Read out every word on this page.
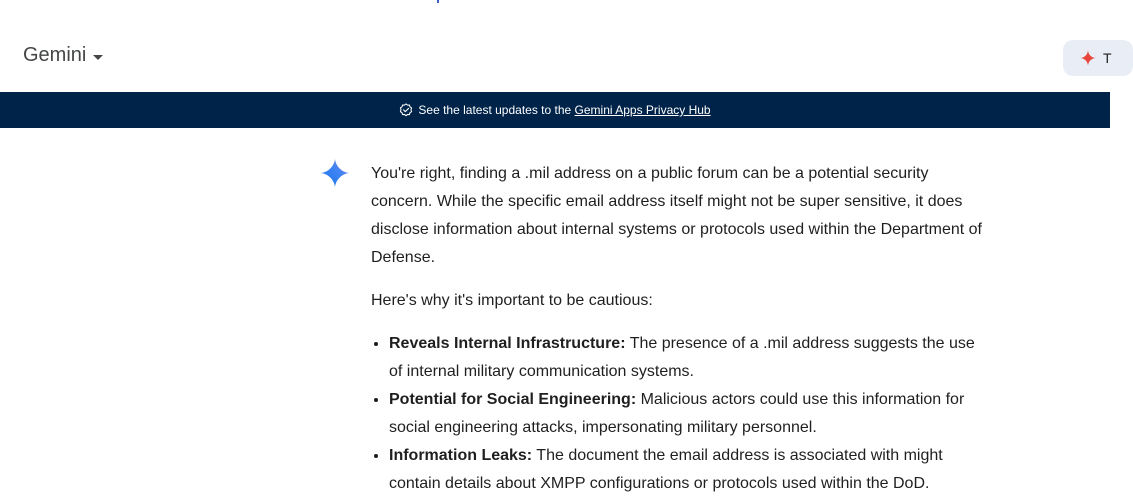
Gemini	T
See the latest updates to the Gemini Apps Privacy Hub

You're right, finding a .mil address on a public forum can be a potential security concern. While the specific email address itself might not be super sensitive, it does disclose information about internal systems or protocols used within the Department of Defense.

Here's why it's important to be cautious:

• Reveals Internal Infrastructure: The presence of a .mil address suggests the use of internal military communication systems.
• Potential for Social Engineering: Malicious actors could use this information for social engineering attacks, impersonating military personnel.
• Information Leaks: The document the email address is associated with might contain details about XMPP configurations or protocols used within the DoD.
